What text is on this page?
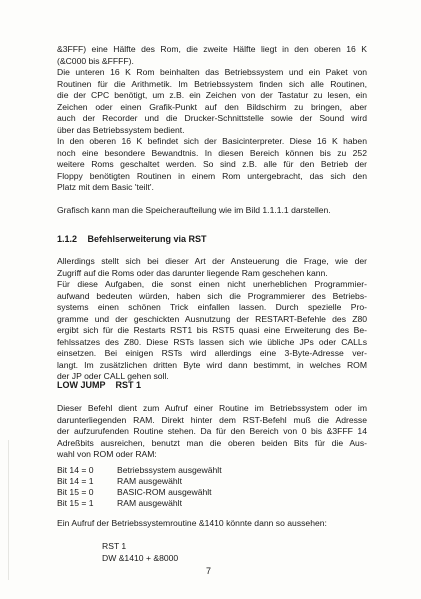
&3FFF) eine Hälfte des Rom, die zweite Hälfte liegt in den oberen 16 K
(&C000 bis &FFFF).
Die unteren 16 K Rom beinhalten das Betriebssystem und ein Paket von
Routinen für die Arithmetik. Im Betriebssystem finden sich alle Routinen,
die der CPC benötigt, um z.B. ein Zeichen von der Tastatur zu lesen, ein
Zeichen oder einen Grafik-Punkt auf den Bildschirm zu bringen, aber
auch der Recorder und die Drucker-Schnittstelle sowie der Sound wird
über das Betriebssystem bedient.
In den oberen 16 K befindet sich der Basicinterpreter. Diese 16 K haben
noch eine besondere Bewandtnis. In diesen Bereich können bis zu 252
weitere Roms geschaltet werden. So sind z.B. alle für den Betrieb der
Floppy benötigten Routinen in einem Rom untergebracht, das sich den
Platz mit dem Basic 'teilt'.
Grafisch kann man die Speicheraufteilung wie im Bild 1.1.1.1 darstellen.
1.1.2 Befehlserweiterung via RST
Allerdings stellt sich bei dieser Art der Ansteuerung die Frage, wie der
Zugriff auf die Roms oder das darunter liegende Ram geschehen kann.
Für diese Aufgaben, die sonst einen nicht unerheblichen Programmier-
aufwand bedeuten würden, haben sich die Programmierer des Betriebs-
systems einen schönen Trick einfallen lassen. Durch spezielle Pro-
gramme und der geschickten Ausnutzung der RESTART-Befehle des Z80
ergibt sich für die Restarts RST1 bis RST5 quasi eine Erweiterung des Be-
fehlssatzes des Z80. Diese RSTs lassen sich wie übliche JPs oder CALLs
einsetzen. Bei einigen RSTs wird allerdings eine 3-Byte-Adresse ver-
langt. Im zusätzlichen dritten Byte wird dann bestimmt, in welches ROM
der JP oder CALL gehen soll.
LOW JUMP RST 1
Dieser Befehl dient zum Aufruf einer Routine im Betriebssystem oder im
darunterliegenden RAM. Direkt hinter dem RST-Befehl muß die Adresse
der aufzurufenden Routine stehen. Da für den Bereich von 0 bis &3FFF 14
Adreßbits ausreichen, benutzt man die oberen beiden Bits für die Aus-
wahl von ROM oder RAM:
Bit 14 = 0	Betriebssystem ausgewählt
Bit 14 = 1	RAM ausgewählt
Bit 15 = 0	BASIC-ROM ausgewählt
Bit 15 = 1	RAM ausgewählt
Ein Aufruf der Betriebssystemroutine &1410 könnte dann so aussehen:
RST 1
DW &1410 + &8000
7
